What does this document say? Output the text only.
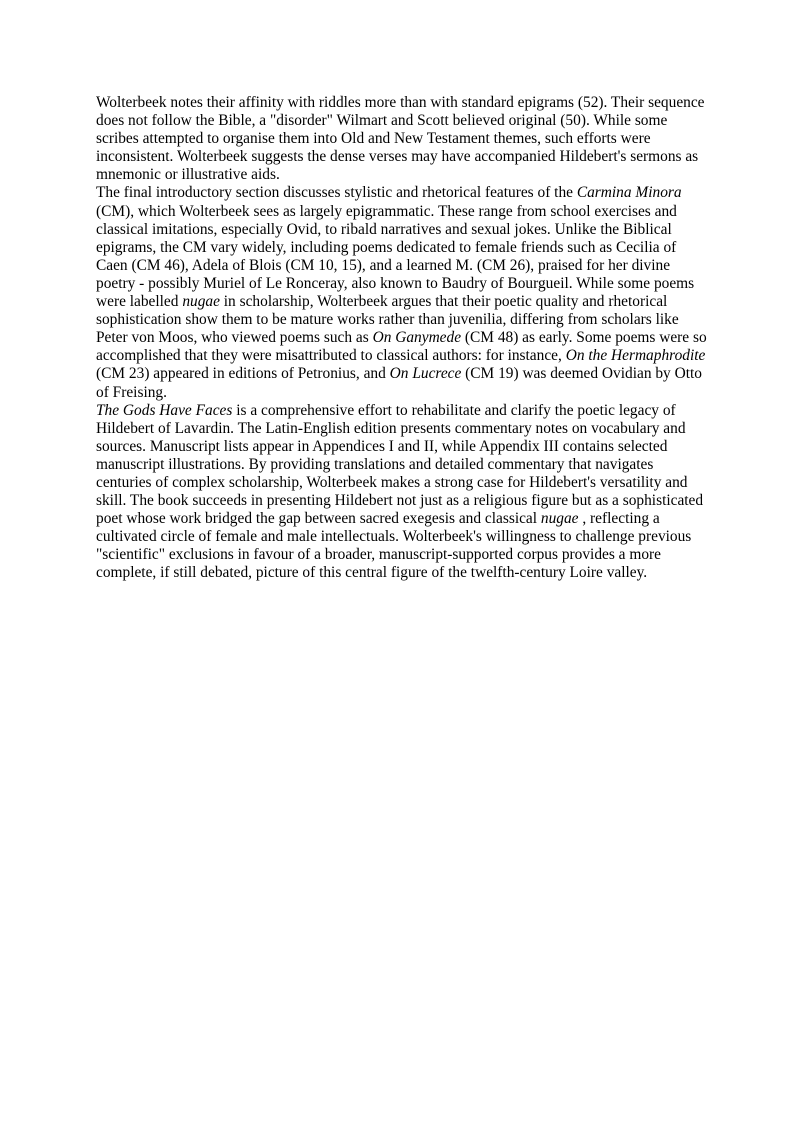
Wolterbeek notes their affinity with riddles more than with standard epigrams (52). Their sequence does not follow the Bible, a "disorder" Wilmart and Scott believed original (50). While some scribes attempted to organise them into Old and New Testament themes, such efforts were inconsistent. Wolterbeek suggests the dense verses may have accompanied Hildebert's sermons as mnemonic or illustrative aids.

The final introductory section discusses stylistic and rhetorical features of the Carmina Minora (CM), which Wolterbeek sees as largely epigrammatic. These range from school exercises and classical imitations, especially Ovid, to ribald narratives and sexual jokes. Unlike the Biblical epigrams, the CM vary widely, including poems dedicated to female friends such as Cecilia of Caen (CM 46), Adela of Blois (CM 10, 15), and a learned M. (CM 26), praised for her divine poetry - possibly Muriel of Le Ronceray, also known to Baudry of Bourgueil. While some poems were labelled nugae in scholarship, Wolterbeek argues that their poetic quality and rhetorical sophistication show them to be mature works rather than juvenilia, differing from scholars like Peter von Moos, who viewed poems such as On Ganymede (CM 48) as early. Some poems were so accomplished that they were misattributed to classical authors: for instance, On the Hermaphrodite (CM 23) appeared in editions of Petronius, and On Lucrece (CM 19) was deemed Ovidian by Otto of Freising.

The Gods Have Faces is a comprehensive effort to rehabilitate and clarify the poetic legacy of Hildebert of Lavardin. The Latin-English edition presents commentary notes on vocabulary and sources. Manuscript lists appear in Appendices I and II, while Appendix III contains selected manuscript illustrations. By providing translations and detailed commentary that navigates centuries of complex scholarship, Wolterbeek makes a strong case for Hildebert's versatility and skill. The book succeeds in presenting Hildebert not just as a religious figure but as a sophisticated poet whose work bridged the gap between sacred exegesis and classical nugae , reflecting a cultivated circle of female and male intellectuals. Wolterbeek's willingness to challenge previous "scientific" exclusions in favour of a broader, manuscript-supported corpus provides a more complete, if still debated, picture of this central figure of the twelfth-century Loire valley.
